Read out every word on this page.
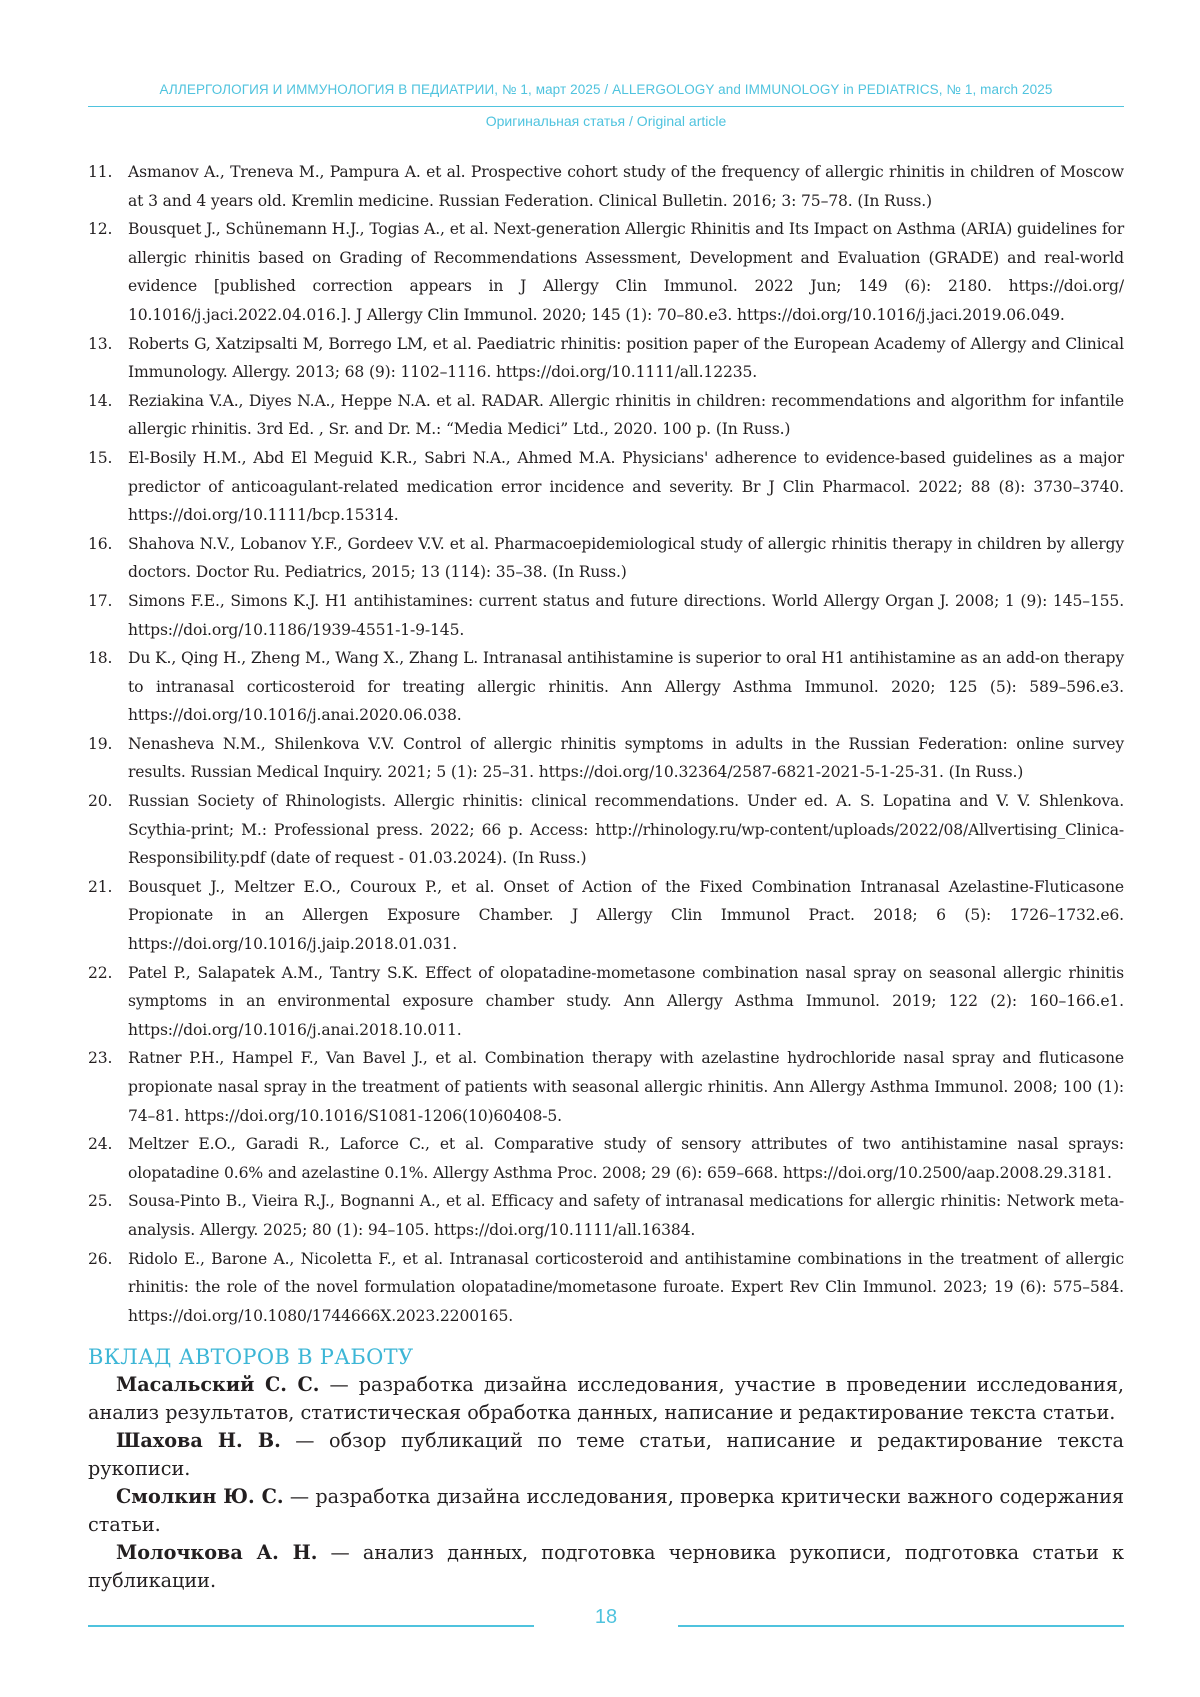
АЛЛЕРГОЛОГИЯ И ИММУНОЛОГИЯ В ПЕДИАТРИИ, № 1, март 2025 / ALLERGOLOGY and IMMUNOLOGY in PEDIATRICS, № 1, march 2025
Оригинальная статья / Original article
11.	Asmanov A., Treneva M., Pampura A. et al. Prospective cohort study of the frequency of allergic rhinitis in children of Moscow at 3 and 4 years old. Kremlin medicine. Russian Federation. Clinical Bulletin. 2016; 3: 75–78. (In Russ.)
12.	Bousquet J., Schünemann H.J., Togias A., et al. Next-generation Allergic Rhinitis and Its Impact on Asthma (ARIA) guidelines for allergic rhinitis based on Grading of Recommendations Assessment, Development and Evaluation (GRADE) and real-world evidence [published correction appears in J Allergy Clin Immunol. 2022 Jun; 149 (6): 2180. https://doi.org/ 10.1016/j.jaci.2022.04.016.]. J Allergy Clin Immunol. 2020; 145 (1): 70–80.e3. https://doi.org/10.1016/j.jaci.2019.06.049.
13.	Roberts G, Xatzipsalti M, Borrego LM, et al. Paediatric rhinitis: position paper of the European Academy of Allergy and Clinical Immunology. Allergy. 2013; 68 (9): 1102–1116. https://doi.org/10.1111/all.12235.
14.	Reziakina V.A., Diyes N.A., Heppe N.A. et al. RADAR. Allergic rhinitis in children: recommendations and algorithm for infantile allergic rhinitis. 3rd Ed. , Sr. and Dr. M.: “Media Medici” Ltd., 2020. 100 p. (In Russ.)
15.	El-Bosily H.M., Abd El Meguid K.R., Sabri N.A., Ahmed M.A. Physicians' adherence to evidence-based guidelines as a major predictor of anticoagulant-related medication error incidence and severity. Br J Clin Pharmacol. 2022; 88 (8): 3730–3740. https://doi.org/10.1111/bcp.15314.
16.	Shahova N.V., Lobanov Y.F., Gordeev V.V. et al. Pharmacoepidemiological study of allergic rhinitis therapy in children by allergy doctors. Doctor Ru. Pediatrics, 2015; 13 (114): 35–38. (In Russ.)
17.	Simons F.E., Simons K.J. H1 antihistamines: current status and future directions. World Allergy Organ J. 2008; 1 (9): 145–155. https://doi.org/10.1186/1939-4551-1-9-145.
18.	Du K., Qing H., Zheng M., Wang X., Zhang L. Intranasal antihistamine is superior to oral H1 antihistamine as an add-on therapy to intranasal corticosteroid for treating allergic rhinitis. Ann Allergy Asthma Immunol. 2020; 125 (5): 589–596.e3. https://doi.org/10.1016/j.anai.2020.06.038.
19.	Nenasheva N.M., Shilenkova V.V. Control of allergic rhinitis symptoms in adults in the Russian Federation: online survey results. Russian Medical Inquiry. 2021; 5 (1): 25–31. https://doi.org/10.32364/2587-6821-2021-5-1-25-31. (In Russ.)
20.	Russian Society of Rhinologists. Allergic rhinitis: clinical recommendations. Under ed. A. S. Lopatina and V. V. Shlenkova. Scythia-print; M.: Professional press. 2022; 66 p. Access: http://rhinology.ru/wp-content/uploads/2022/08/Allvertising_Clinica-Responsibility.pdf (date of request - 01.03.2024). (In Russ.)
21.	Bousquet J., Meltzer E.O., Couroux P., et al. Onset of Action of the Fixed Combination Intranasal Azelastine-Fluticasone Propionate in an Allergen Exposure Chamber. J Allergy Clin Immunol Pract. 2018; 6 (5): 1726–1732.e6. https://doi.org/10.1016/j.jaip.2018.01.031.
22.	Patel P., Salapatek A.M., Tantry S.K. Effect of olopatadine-mometasone combination nasal spray on seasonal allergic rhinitis symptoms in an environmental exposure chamber study. Ann Allergy Asthma Immunol. 2019; 122 (2): 160–166.e1. https://doi.org/10.1016/j.anai.2018.10.011.
23.	Ratner P.H., Hampel F., Van Bavel J., et al. Combination therapy with azelastine hydrochloride nasal spray and fluticasone propionate nasal spray in the treatment of patients with seasonal allergic rhinitis. Ann Allergy Asthma Immunol. 2008; 100 (1): 74–81. https://doi.org/10.1016/S1081-1206(10)60408-5.
24.	Meltzer E.O., Garadi R., Laforce C., et al. Comparative study of sensory attributes of two antihistamine nasal sprays: olopatadine 0.6% and azelastine 0.1%. Allergy Asthma Proc. 2008; 29 (6): 659–668. https://doi.org/10.2500/aap.2008.29.3181.
25.	Sousa-Pinto B., Vieira R.J., Bognanni A., et al. Efficacy and safety of intranasal medications for allergic rhinitis: Network meta-analysis. Allergy. 2025; 80 (1): 94–105. https://doi.org/10.1111/all.16384.
26.	Ridolo E., Barone A., Nicoletta F., et al. Intranasal corticosteroid and antihistamine combinations in the treatment of allergic rhinitis: the role of the novel formulation olopatadine/mometasone furoate. Expert Rev Clin Immunol. 2023; 19 (6): 575–584. https://doi.org/10.1080/1744666X.2023.2200165.
ВКЛАД АВТОРОВ В РАБОТУ

Масальский С. С. — разработка дизайна исследования, участие в проведении исследования, анализ результатов, статистическая обработка данных, написание и редактирование текста статьи.

Шахова Н. В. — обзор публикаций по теме статьи, написание и редактирование текста рукописи.

Смолкин Ю. С. — разработка дизайна исследования, проверка критически важного содержания статьи.

Молочкова А. Н. — анализ данных, подготовка черновика рукописи, подготовка статьи к публикации.

18
